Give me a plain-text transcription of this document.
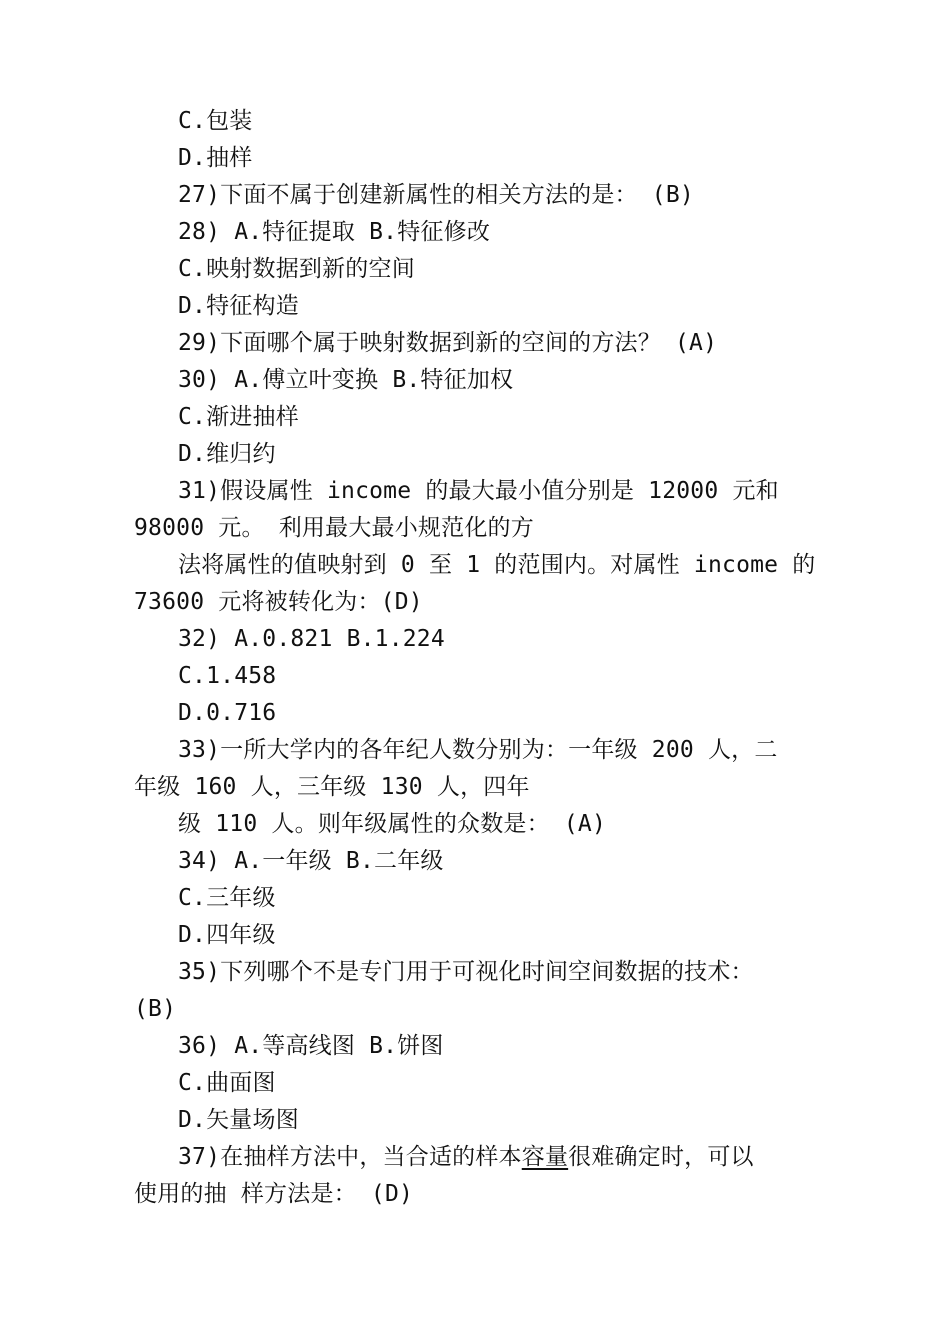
C.包装
D.抽样
27)下面不属于创建新属性的相关方法的是： (B)
28) A.特征提取 B.特征修改
C.映射数据到新的空间
D.特征构造
29)下面哪个属于映射数据到新的空间的方法？ (A)
30) A.傅立叶变换 B.特征加权
C.渐进抽样
D.维归约
31)假设属性 income 的最大最小值分别是 12000 元和
98000 元。 利用最大最小规范化的方
法将属性的值映射到 0 至 1 的范围内。对属性 income 的
73600 元将被转化为：(D)
32) A.0.821 B.1.224
C.1.458
D.0.716
33)一所大学内的各年纪人数分别为：一年级 200 人，二
年级 160 人，三年级 130 人，四年
级 110 人。则年级属性的众数是： (A)
34) A.一年级 B.二年级
C.三年级
D.四年级
35)下列哪个不是专门用于可视化时间空间数据的技术：
(B)
36) A.等高线图 B.饼图
C.曲面图
D.矢量场图
37)在抽样方法中，当合适的样本容量很难确定时，可以
使用的抽 样方法是： (D)
